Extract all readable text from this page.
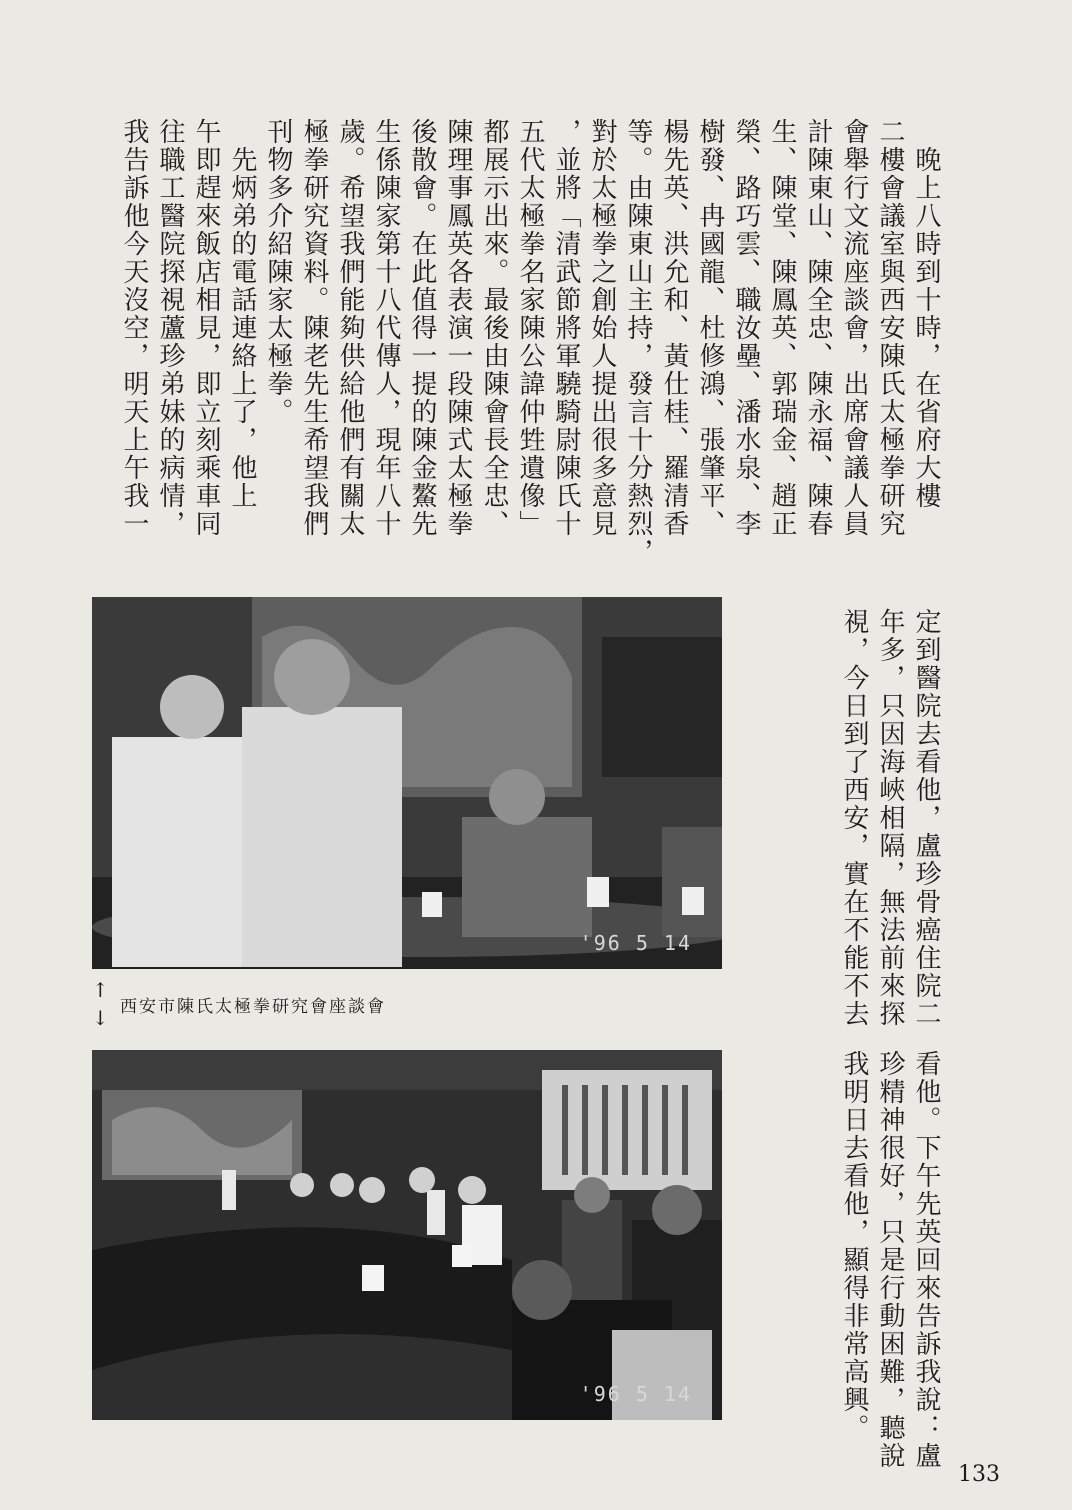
　晚上八時到十時，在省府大樓
二樓會議室與西安陳氏太極拳研究
會舉行文流座談會，出席會議人員
計陳東山、陳全忠、陳永福、陳春
生、陳堂、陳鳳英、郭瑞金、趙正
榮、路巧雲、職汝壘、潘水泉、李
樹發、冉國龍、杜修鴻、張肇平、
楊先英、洪允和、黃仕桂、羅清香
等。由陳東山主持，發言十分熱烈，
對於太極拳之創始人提出很多意見
，並將「清武節將軍驍騎尉陳氏十
五代太極拳名家陳公諱仲甡遺像」
都展示出來。最後由陳會長全忠、
陳理事鳳英各表演一段陳式太極拳
後散會。在此值得一提的陳金鰲先
生係陳家第十八代傳人，現年八十
歲。希望我們能夠供給他們有關太
極拳研究資料。陳老先生希望我們
刊物多介紹陳家太極拳。
　先炳弟的電話連絡上了，他上
午即趕來飯店相見，即立刻乘車同
往職工醫院探視蘆珍弟妹的病情，
我告訴他今天沒空，明天上午我一
'96 5 14	定到醫院去看他，盧珍骨癌住院二
年多，只因海峽相隔，無法前來探
視，今日到了西安，實在不能不去
↑
↓ 西安市陳氏太極拳研究會座談會
'96 5 14	看他。下午先英回來告訴我說：盧
珍精神很好，只是行動困難，聽說
我明日去看他，顯得非常高興。
133
